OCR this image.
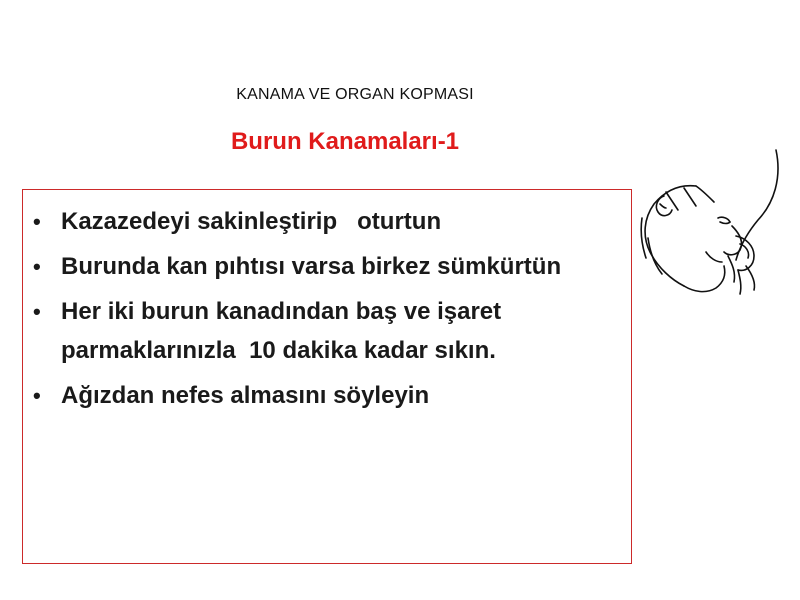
KANAMA VE ORGAN KOPMASI
Burun Kanamaları-1
• Kazazedeyi sakinleştirip   oturtun
• Burunda kan pıhtısı varsa birkez sümkürtün
• Her iki burun kanadından baş ve işaret parmaklarınızla  10 dakika kadar sıkın.
• Ağızdan nefes almasını söyleyin
